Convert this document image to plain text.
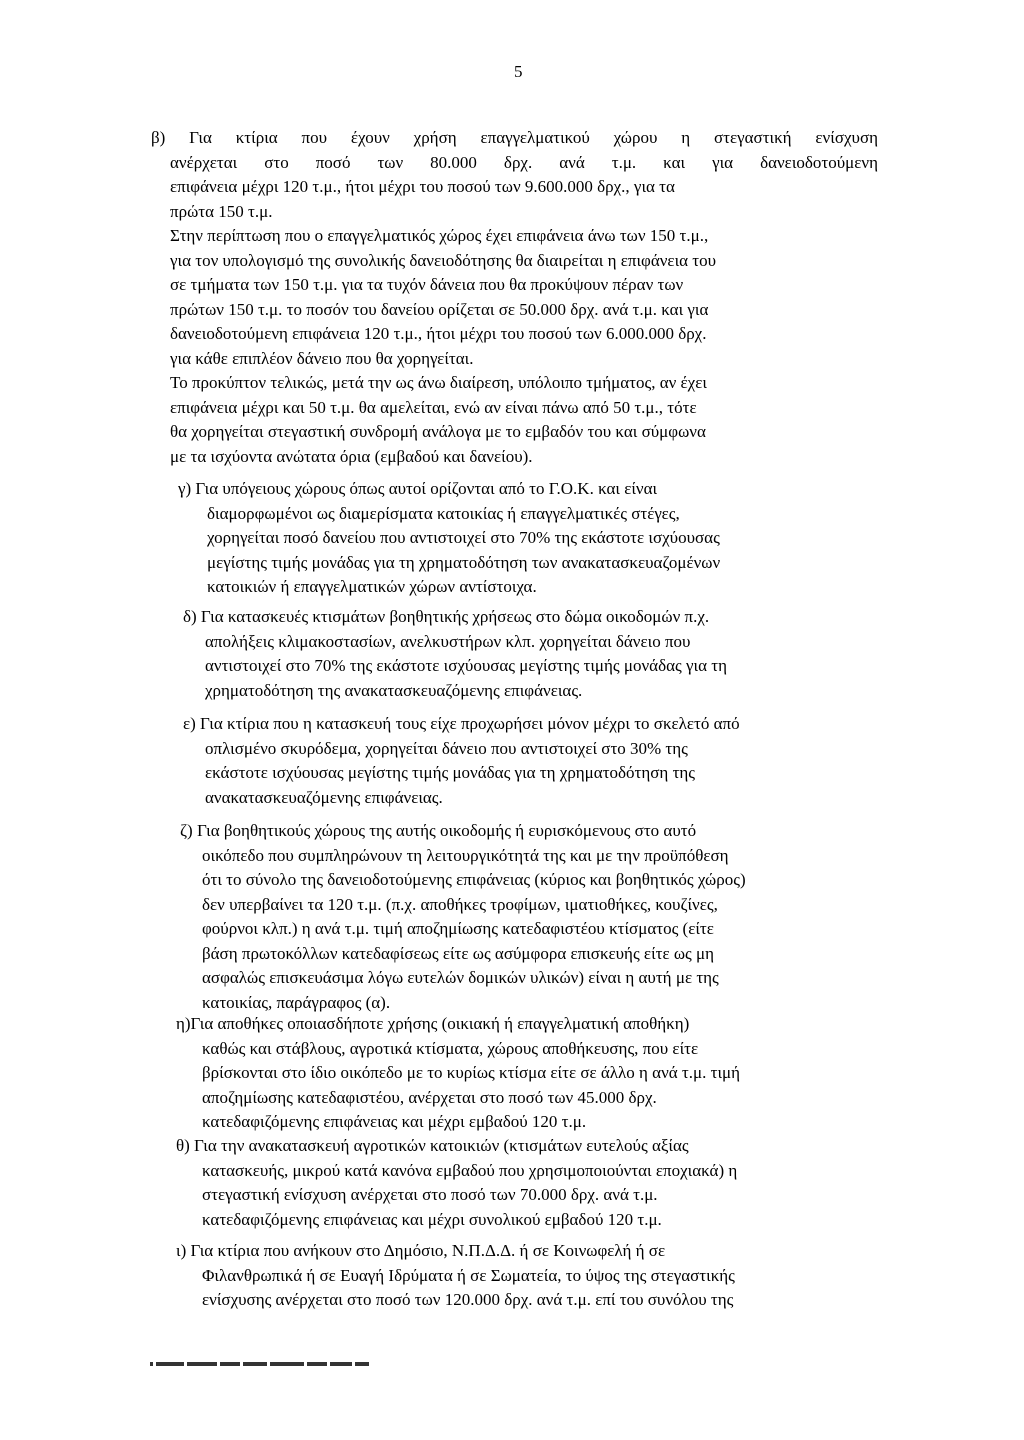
5
β) Για κτίρια που έχουν χρήση επαγγελματικού χώρου η στεγαστική ενίσχυση
ανέρχεται στο ποσό των 80.000 δρχ. ανά τ.μ. και για δανειοδοτούμενη
επιφάνεια μέχρι 120 τ.μ., ήτοι μέχρι του ποσού των 9.600.000 δρχ., για τα
πρώτα 150 τ.μ.
Στην περίπτωση που ο επαγγελματικός χώρος έχει επιφάνεια άνω των 150 τ.μ.,
για τον υπολογισμό της συνολικής δανειοδότησης θα διαιρείται η επιφάνεια του
σε τμήματα των 150 τ.μ. για τα τυχόν δάνεια που θα προκύψουν πέραν των
πρώτων 150 τ.μ. το ποσόν του δανείου ορίζεται σε 50.000 δρχ. ανά τ.μ. και για
δανειοδοτούμενη επιφάνεια 120 τ.μ., ήτοι μέχρι του ποσού των 6.000.000 δρχ.
για κάθε επιπλέον δάνειο που θα χορηγείται.
Το προκύπτον τελικώς, μετά την ως άνω διαίρεση, υπόλοιπο τμήματος, αν έχει
επιφάνεια μέχρι και 50 τ.μ. θα αμελείται, ενώ αν είναι πάνω από 50 τ.μ., τότε
θα χορηγείται στεγαστική συνδρομή ανάλογα με το εμβαδόν του και σύμφωνα
με τα ισχύοντα ανώτατα όρια (εμβαδού και δανείου).
γ) Για υπόγειους χώρους όπως αυτοί ορίζονται από το Γ.Ο.Κ. και είναι
διαμορφωμένοι ως διαμερίσματα κατοικίας ή επαγγελματικές στέγες,
χορηγείται ποσό δανείου που αντιστοιχεί στο 70% της εκάστοτε ισχύουσας
μεγίστης τιμής μονάδας για τη χρηματοδότηση των ανακατασκευαζομένων
κατοικιών ή επαγγελματικών χώρων αντίστοιχα.
δ) Για κατασκευές κτισμάτων βοηθητικής χρήσεως στο δώμα οικοδομών π.χ.
απολήξεις κλιμακοστασίων, ανελκυστήρων κλπ. χορηγείται δάνειο που
αντιστοιχεί στο 70% της εκάστοτε ισχύουσας μεγίστης τιμής μονάδας για τη
χρηματοδότηση της ανακατασκευαζόμενης επιφάνειας.
ε) Για κτίρια που η κατασκευή τους είχε προχωρήσει μόνον μέχρι το σκελετό από
οπλισμένο σκυρόδεμα, χορηγείται δάνειο που αντιστοιχεί στο 30% της
εκάστοτε ισχύουσας μεγίστης τιμής μονάδας για τη χρηματοδότηση της
ανακατασκευαζόμενης επιφάνειας.
ζ) Για βοηθητικούς χώρους της αυτής οικοδομής ή ευρισκόμενους στο αυτό
οικόπεδο που συμπληρώνουν τη λειτουργικότητά της και με την προϋπόθεση
ότι το σύνολο της δανειοδοτούμενης επιφάνειας (κύριος και βοηθητικός χώρος)
δεν υπερβαίνει τα 120 τ.μ. (π.χ. αποθήκες τροφίμων, ιματιοθήκες, κουζίνες,
φούρνοι κλπ.) η ανά τ.μ. τιμή αποζημίωσης κατεδαφιστέου κτίσματος (είτε
βάση πρωτοκόλλων κατεδαφίσεως είτε ως ασύμφορα επισκευής είτε ως μη
ασφαλώς επισκευάσιμα λόγω ευτελών δομικών υλικών) είναι η αυτή με της
κατοικίας, παράγραφος (α).
η)Για αποθήκες οποιασδήποτε χρήσης (οικιακή ή επαγγελματική αποθήκη)
καθώς και στάβλους, αγροτικά κτίσματα, χώρους αποθήκευσης, που είτε
βρίσκονται στο ίδιο οικόπεδο με το κυρίως κτίσμα είτε σε άλλο η ανά τ.μ. τιμή
αποζημίωσης κατεδαφιστέου, ανέρχεται στο ποσό των 45.000 δρχ.
κατεδαφιζόμενης επιφάνειας και μέχρι εμβαδού 120 τ.μ.
θ) Για την ανακατασκευή αγροτικών κατοικιών (κτισμάτων ευτελούς αξίας
κατασκευής, μικρού κατά κανόνα εμβαδού που χρησιμοποιούνται εποχιακά) η
στεγαστική ενίσχυση ανέρχεται στο ποσό των 70.000 δρχ. ανά τ.μ.
κατεδαφιζόμενης επιφάνειας και μέχρι συνολικού εμβαδού 120 τ.μ.
ι) Για κτίρια που ανήκουν στο Δημόσιο, Ν.Π.Δ.Δ. ή σε Κοινωφελή ή σε
Φιλανθρωπικά ή σε Ευαγή Ιδρύματα ή σε Σωματεία, το ύψος της στεγαστικής
ενίσχυσης ανέρχεται στο ποσό των 120.000 δρχ. ανά τ.μ. επί του συνόλου της
